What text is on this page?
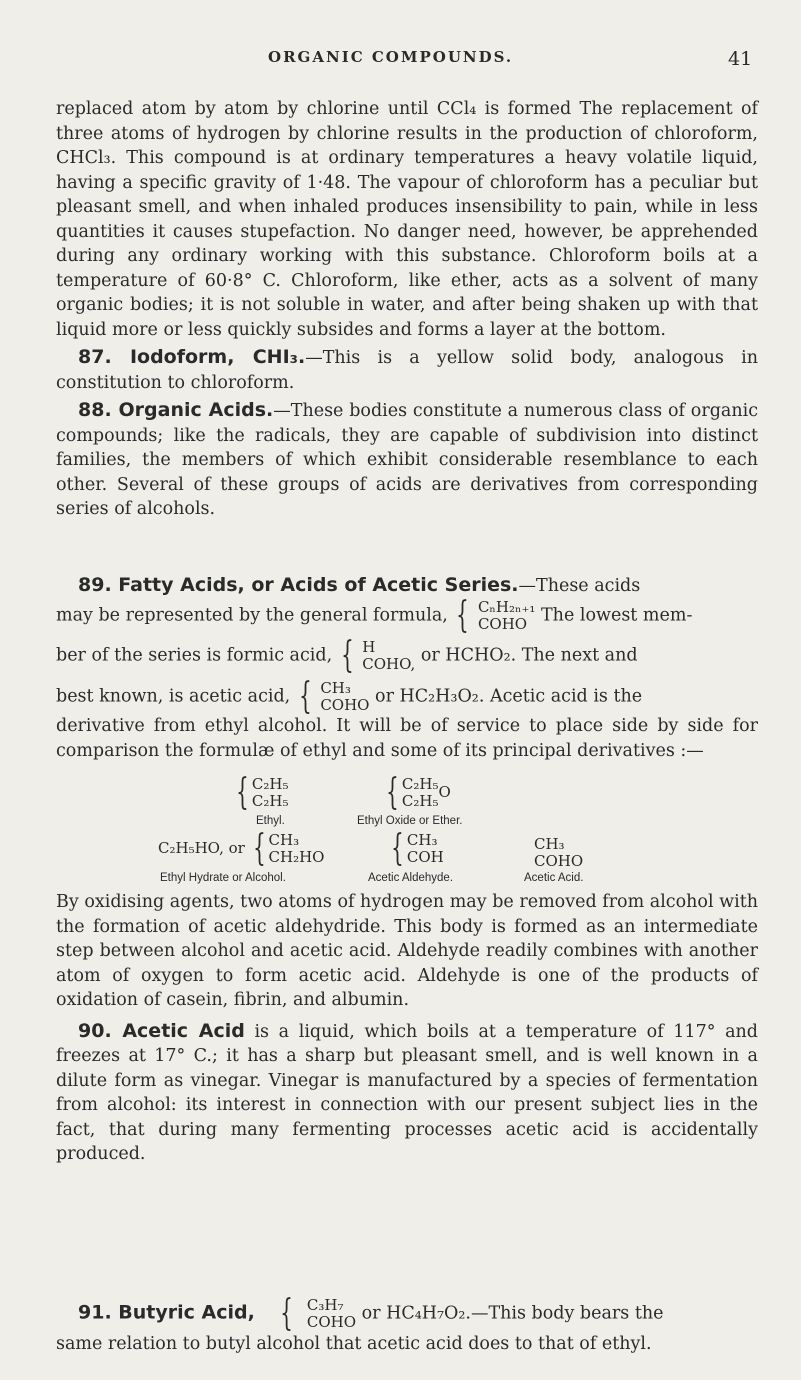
ORGANIC COMPOUNDS.	41

replaced atom by atom by chlorine until CCl₄ is formed The replacement of three atoms of hydrogen by chlorine results in the production of chloroform, CHCl₃. This compound is at ordinary temperatures a heavy volatile liquid, having a specific gravity of 1·48. The vapour of chloroform has a peculiar but pleasant smell, and when inhaled produces insensibility to pain, while in less quantities it causes stupefaction. No danger need, however, be apprehended during any ordinary working with this substance. Chloroform boils at a temperature of 60·8° C. Chloroform, like ether, acts as a solvent of many organic bodies; it is not soluble in water, and after being shaken up with that liquid more or less quickly subsides and forms a layer at the bottom.

87. Iodoform, CHI₃.—This is a yellow solid body, analogous in constitution to chloroform.

88. Organic Acids.—These bodies constitute a numerous class of organic compounds; like the radicals, they are capable of subdivision into distinct families, the members of which exhibit considerable resemblance to each other. Several of these groups of acids are derivatives from corresponding series of alcohols.

89. Fatty Acids, or Acids of Acetic Series.—These acids
may be represented by the general formula, { CₙH₂ₙ₊₁
COHO The lowest mem-
ber of the series is formic acid, { H
COHO, or HCHO₂. The next and
best known, is acetic acid, { CH₃
COHO or HC₂H₃O₂. Acetic acid is the

derivative from ethyl alcohol. It will be of service to place side by side for comparison the formulæ of ethyl and some of its principal derivatives :—

{ C₂H₅
C₂H₅
Ethyl.
{ C₂H₅
C₂H₅O
Ethyl Oxide or Ether.
C₂H₅HO, or { CH₃
CH₂HO
Ethyl Hydrate or Alcohol.
{ CH₃
COH
Acetic Aldehyde.
CH₃
COHO
Acetic Acid.

By oxidising agents, two atoms of hydrogen may be removed from alcohol with the formation of acetic aldehydride. This body is formed as an intermediate step between alcohol and acetic acid. Aldehyde readily combines with another atom of oxygen to form acetic acid. Aldehyde is one of the products of oxidation of casein, fibrin, and albumin.

90. Acetic Acid is a liquid, which boils at a temperature of 117° and freezes at 17° C.; it has a sharp but pleasant smell, and is well known in a dilute form as vinegar. Vinegar is manufactured by a species of fermentation from alcohol: its interest in connection with our present subject lies in the fact, that during many fermenting processes acetic acid is accidentally produced.

91. Butyric Acid, { C₃H₇
COHO or HC₄H₇O₂.—This body bears the
same relation to butyl alcohol that acetic acid does to that of ethyl.
